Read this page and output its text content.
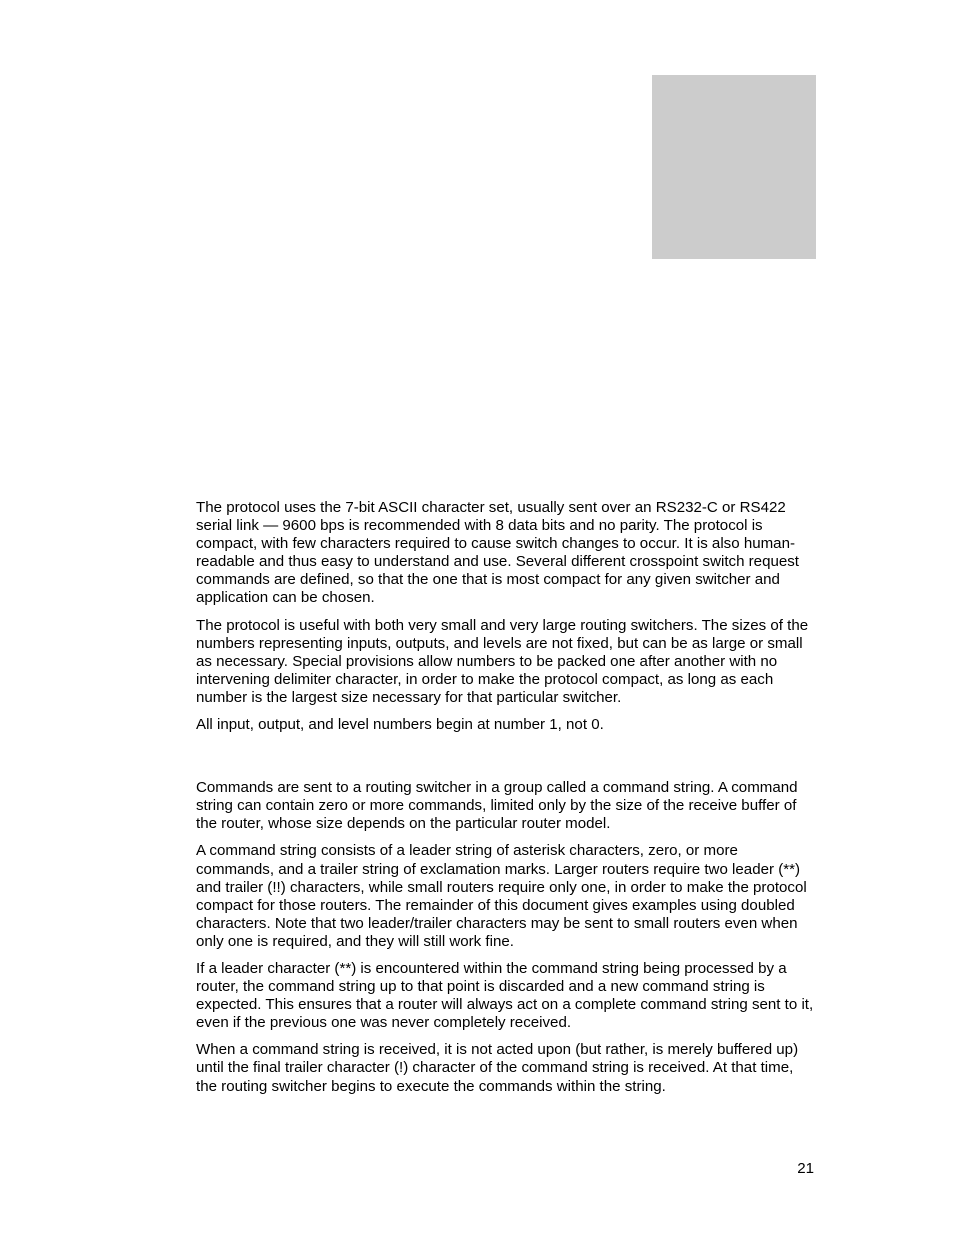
The protocol uses the 7-bit ASCII character set, usually sent over an RS232-C or RS422 serial link — 9600 bps is recommended with 8 data bits and no parity. The protocol is compact, with few characters required to cause switch changes to occur. It is also human-readable and thus easy to understand and use. Several different crosspoint switch request commands are defined, so that the one that is most compact for any given switcher and application can be chosen.

The protocol is useful with both very small and very large routing switchers. The sizes of the numbers representing inputs, outputs, and levels are not fixed, but can be as large or small as necessary. Special provisions allow numbers to be packed one after another with no intervening delimiter character, in order to make the protocol compact, as long as each number is the largest size necessary for that particular switcher.

All input, output, and level numbers begin at number 1, not 0.

Commands are sent to a routing switcher in a group called a command string. A command string can contain zero or more commands, limited only by the size of the receive buffer of the router, whose size depends on the particular router model.

A command string consists of a leader string of asterisk characters, zero, or more commands, and a trailer string of exclamation marks. Larger routers require two leader (**) and trailer (!!) characters, while small routers require only one, in order to make the protocol compact for those routers. The remainder of this document gives examples using doubled characters. Note that two leader/trailer characters may be sent to small routers even when only one is required, and they will still work fine.

If a leader character (**) is encountered within the command string being processed by a router, the command string up to that point is discarded and a new command string is expected. This ensures that a router will always act on a complete command string sent to it, even if the previous one was never completely received.

When a command string is received, it is not acted upon (but rather, is merely buffered up) until the final trailer character (!) character of the command string is received. At that time, the routing switcher begins to execute the commands within the string.

21
